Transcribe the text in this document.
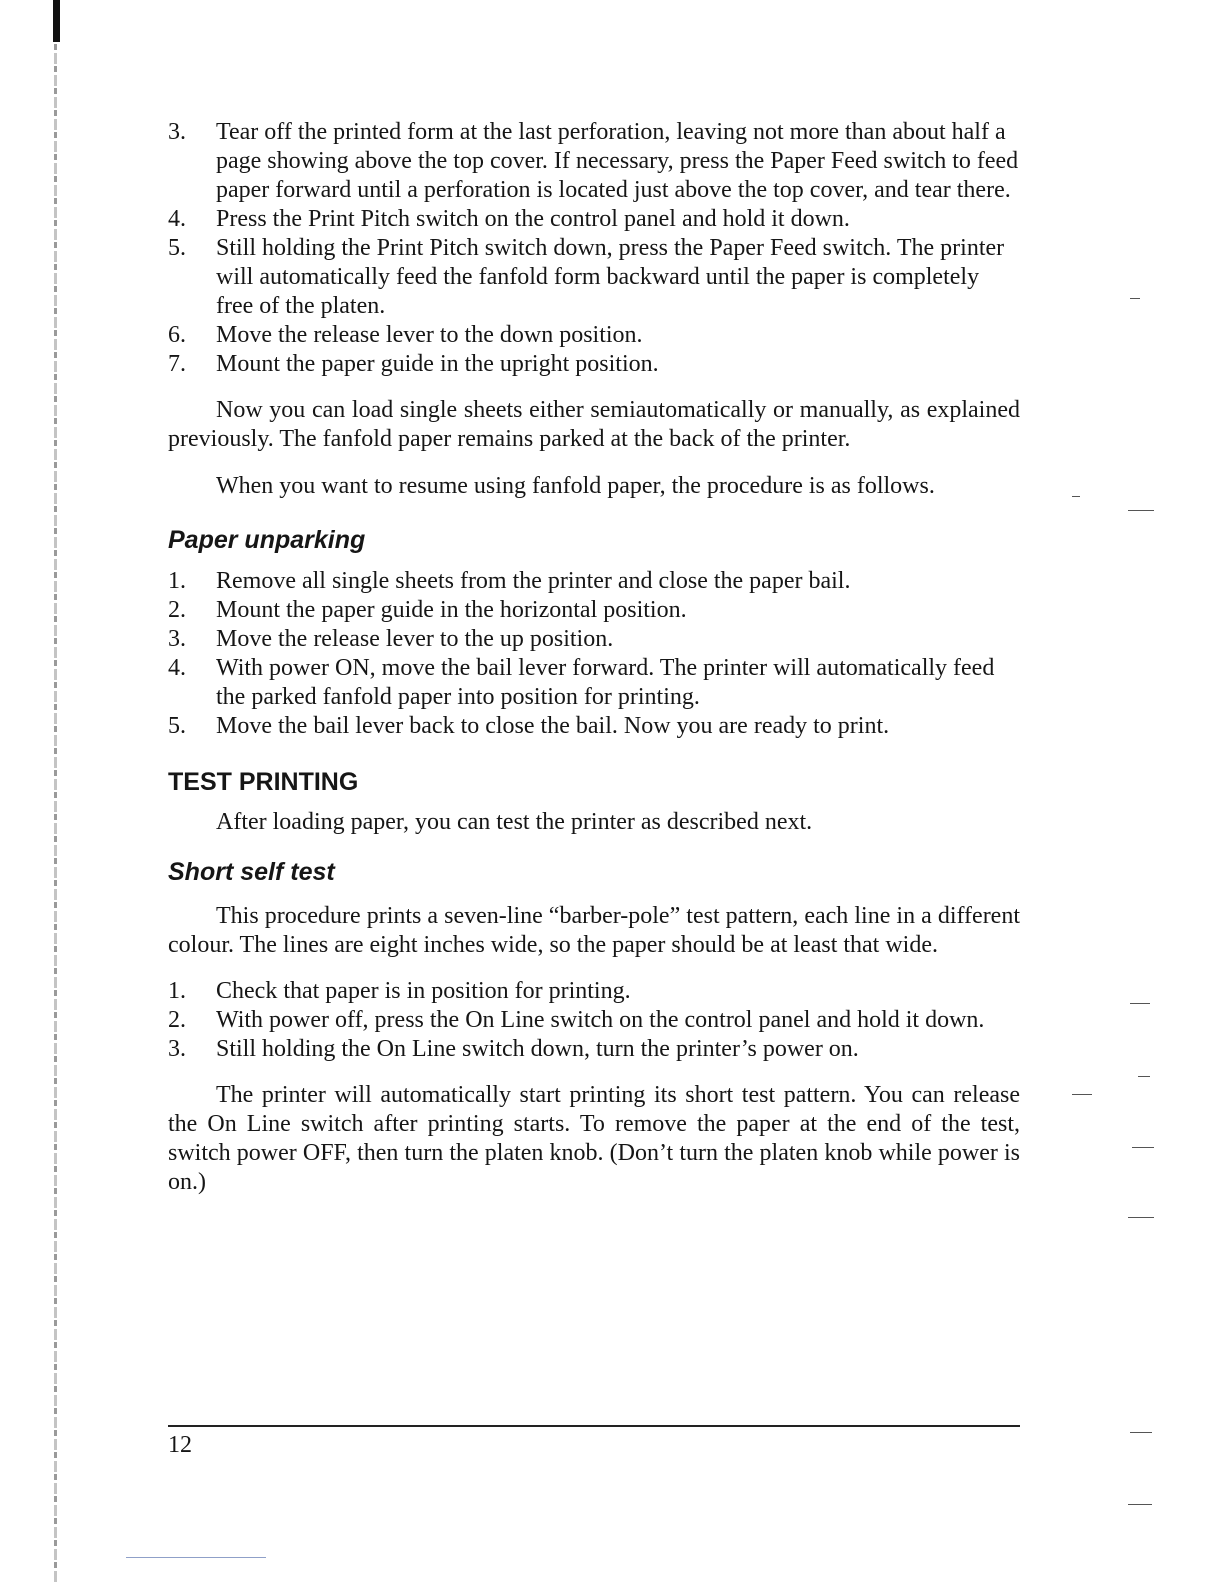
3.	Tear off the printed form at the last perforation, leaving not more than about half a page showing above the top cover. If necessary, press the Paper Feed switch to feed paper forward until a perforation is located just above the top cover, and tear there.
4.	Press the Print Pitch switch on the control panel and hold it down.
5.	Still holding the Print Pitch switch down, press the Paper Feed switch. The printer will automatically feed the fanfold form backward until the paper is completely free of the platen.
6.	Move the release lever to the down position.
7.	Mount the paper guide in the upright position.

Now you can load single sheets either semiautomatically or manually, as explained previously. The fanfold paper remains parked at the back of the printer.

When you want to resume using fanfold paper, the procedure is as follows.

Paper unparking
1.	Remove all single sheets from the printer and close the paper bail.
2.	Mount the paper guide in the horizontal position.
3.	Move the release lever to the up position.
4.	With power ON, move the bail lever forward. The printer will automatically feed the parked fanfold paper into position for printing.
5.	Move the bail lever back to close the bail. Now you are ready to print.
TEST PRINTING

After loading paper, you can test the printer as described next.

Short self test

This procedure prints a seven-line “barber-pole” test pattern, each line in a different colour. The lines are eight inches wide, so the paper should be at least that wide.

1.	Check that paper is in position for printing.
2.	With power off, press the On Line switch on the control panel and hold it down.
3.	Still holding the On Line switch down, turn the printer’s power on.

The printer will automatically start printing its short test pattern. You can release the On Line switch after printing starts. To remove the paper at the end of the test, switch power OFF, then turn the platen knob. (Don’t turn the platen knob while power is on.)

12
